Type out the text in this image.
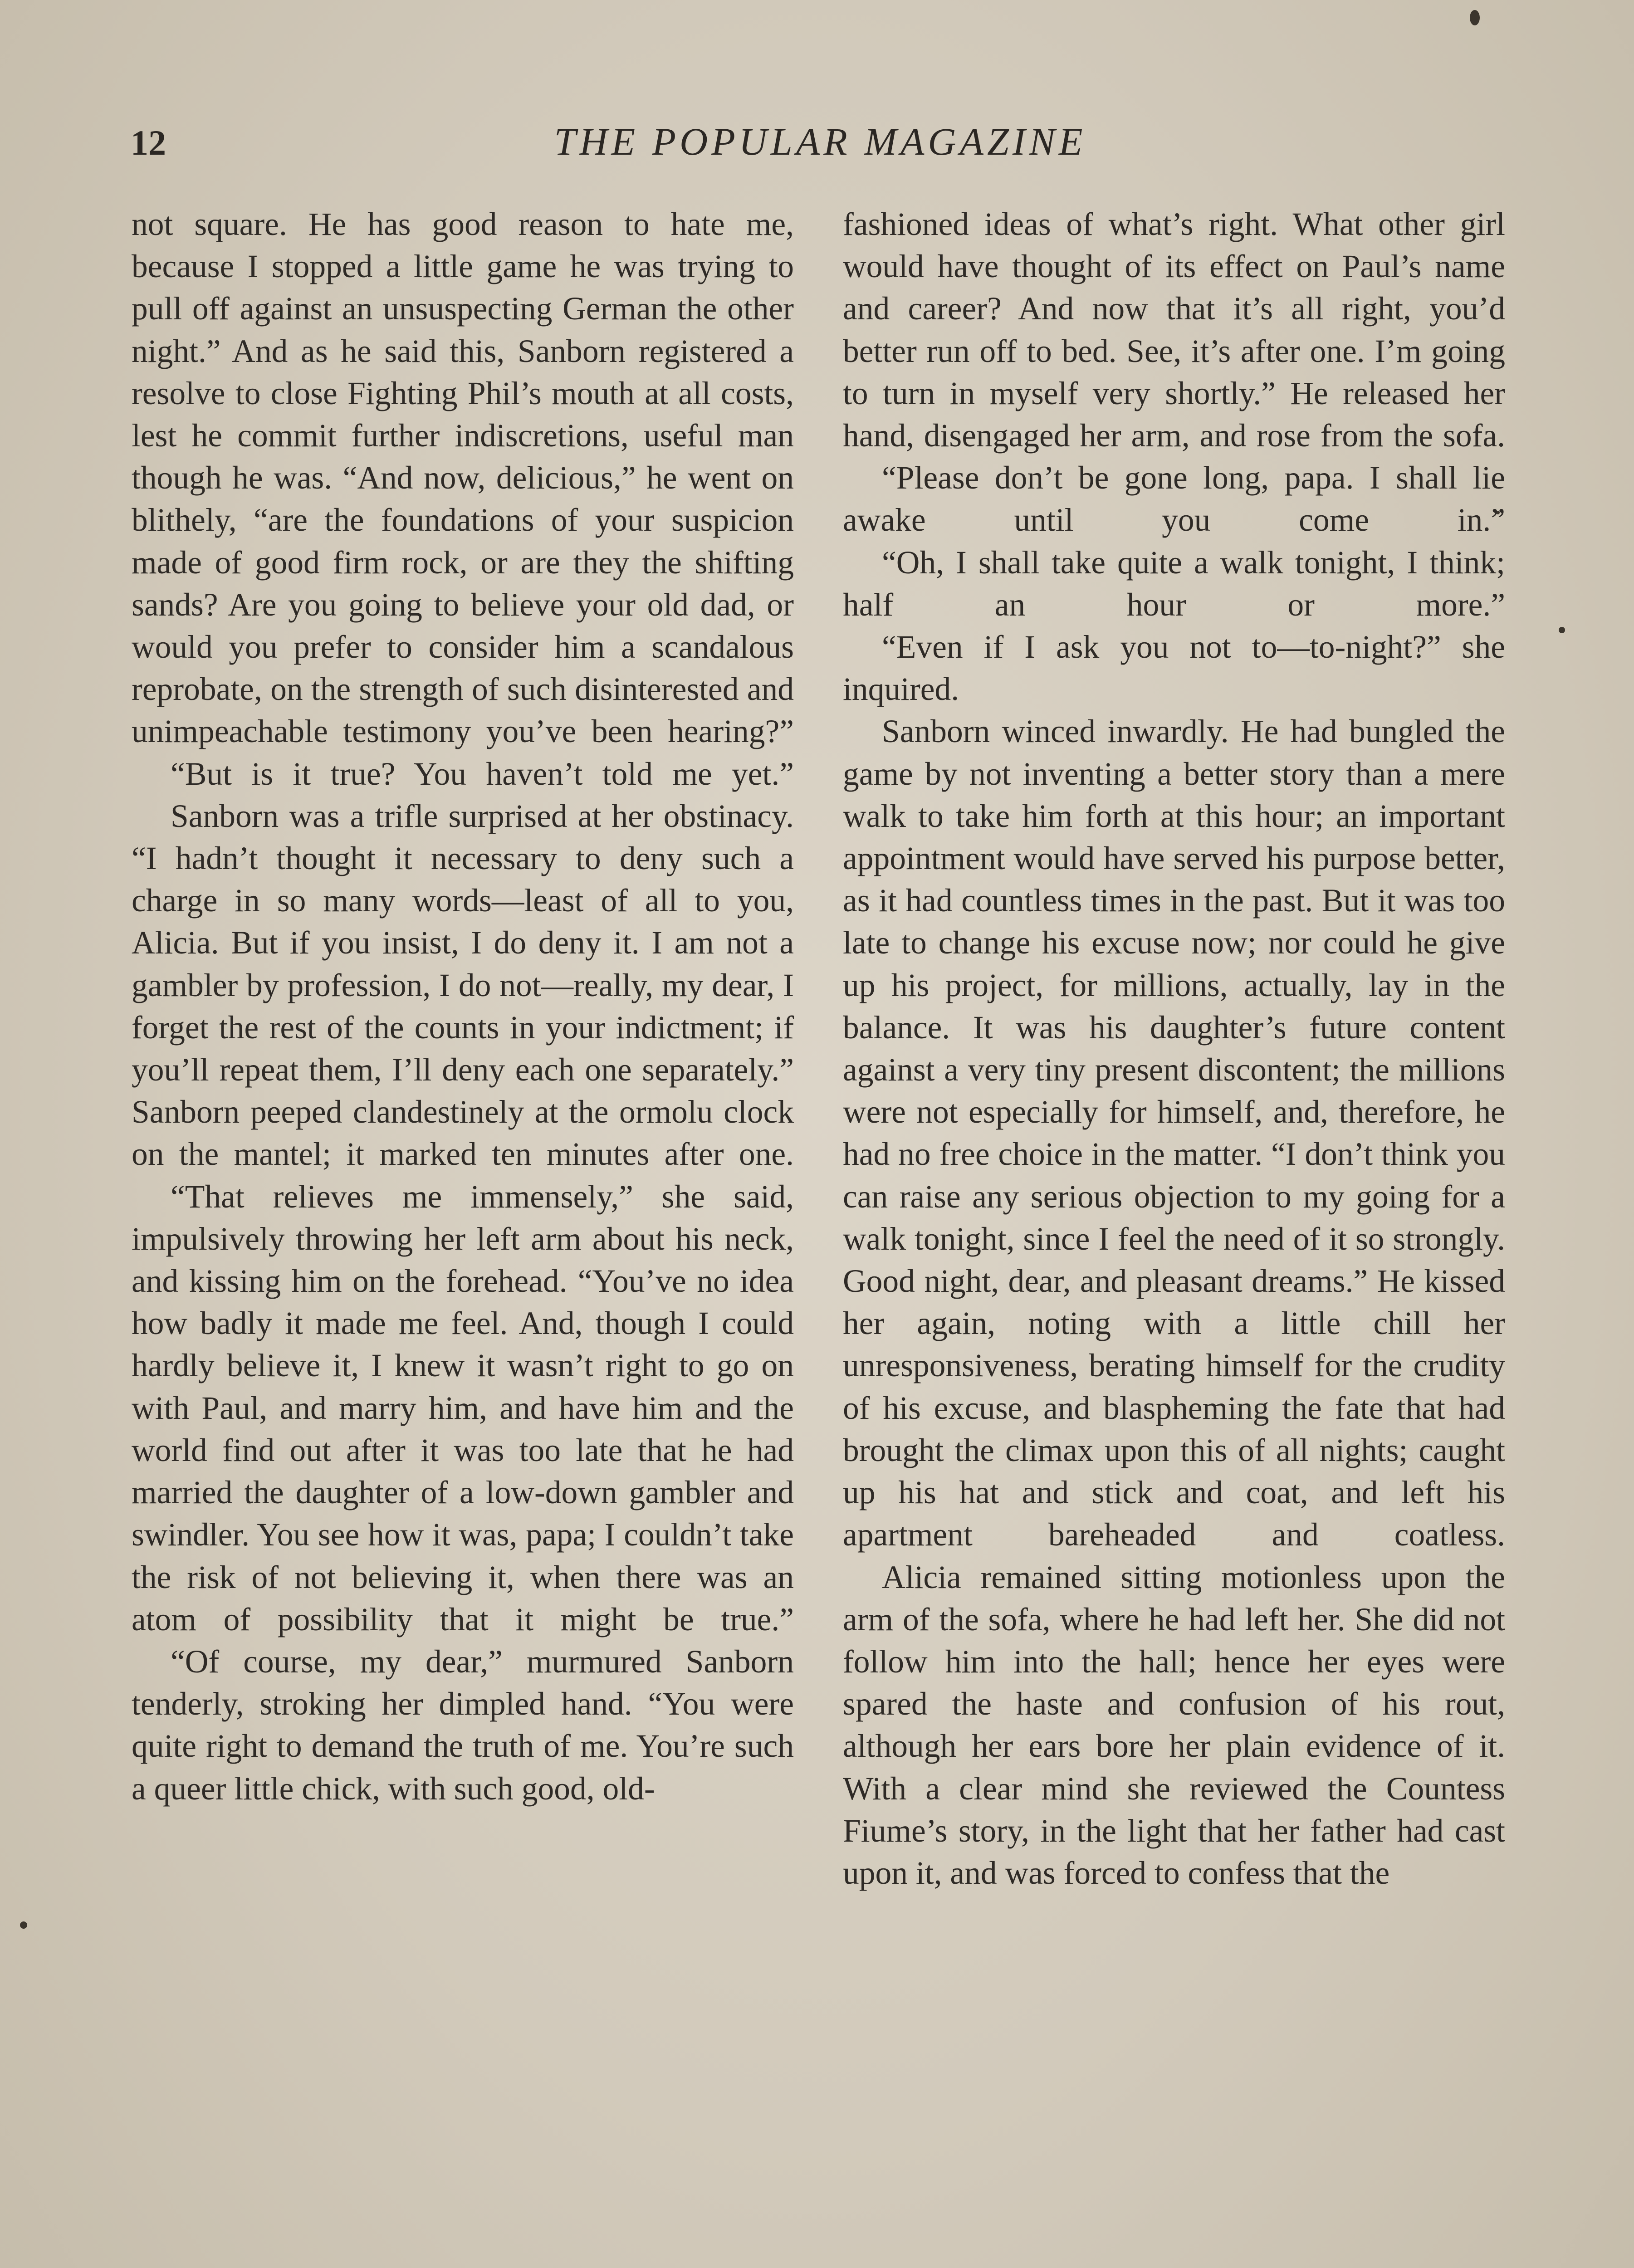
12	THE POPULAR MAGAZINE

not square. He has good reason to hate me, because I stopped a little game he was trying to pull off against an unsuspecting German the other night.” And as he said this, Sanborn registered a resolve to close Fighting Phil’s mouth at all costs, lest he commit further indiscretions, useful man though he was. “And now, delicious,” he went on blithely, “are the foundations of your suspicion made of good firm rock, or are they the shifting sands? Are you going to believe your old dad, or would you prefer to consider him a scandalous reprobate, on the strength of such disinterested and unimpeachable testimony you’ve been hearing?”

“But is it true? You haven’t told me yet.”

Sanborn was a trifle surprised at her obstinacy. “I hadn’t thought it necessary to deny such a charge in so many words—least of all to you, Alicia. But if you insist, I do deny it. I am not a gambler by profession, I do not—really, my dear, I forget the rest of the counts in your indictment; if you’ll repeat them, I’ll deny each one separately.” Sanborn peeped clandestinely at the ormolu clock on the mantel; it marked ten minutes after one.

“That relieves me immensely,” she said, impulsively throwing her left arm about his neck, and kissing him on the forehead. “You’ve no idea how badly it made me feel. And, though I could hardly believe it, I knew it wasn’t right to go on with Paul, and marry him, and have him and the world find out after it was too late that he had married the daughter of a low-down gambler and swindler. You see how it was, papa; I couldn’t take the risk of not believing it, when there was an atom of possibility that it might be true.”

“Of course, my dear,” murmured Sanborn tenderly, stroking her dimpled hand. “You were quite right to demand the truth of me. You’re such a queer little chick, with such good, old-

fashioned ideas of what’s right. What other girl would have thought of its effect on Paul’s name and career? And now that it’s all right, you’d better run off to bed. See, it’s after one. I’m going to turn in myself very shortly.” He released her hand, disengaged her arm, and rose from the sofa.

“Please don’t be gone long, papa. I shall lie awake until you come in.”

“Oh, I shall take quite a walk tonight, I think; half an hour or more.”

“Even if I ask you not to—to-night?” she inquired.

Sanborn winced inwardly. He had bungled the game by not inventing a better story than a mere walk to take him forth at this hour; an important appointment would have served his purpose better, as it had countless times in the past. But it was too late to change his excuse now; nor could he give up his project, for millions, actually, lay in the balance. It was his daughter’s future content against a very tiny present discontent; the millions were not especially for himself, and, therefore, he had no free choice in the matter. “I don’t think you can raise any serious objection to my going for a walk tonight, since I feel the need of it so strongly. Good night, dear, and pleasant dreams.” He kissed her again, noting with a little chill her unresponsiveness, berating himself for the crudity of his excuse, and blaspheming the fate that had brought the climax upon this of all nights; caught up his hat and stick and coat, and left his apartment bareheaded and coatless.

Alicia remained sitting motionless upon the arm of the sofa, where he had left her. She did not follow him into the hall; hence her eyes were spared the haste and confusion of his rout, although her ears bore her plain evidence of it. With a clear mind she reviewed the Countess Fiume’s story, in the light that her father had cast upon it, and was forced to confess that the
